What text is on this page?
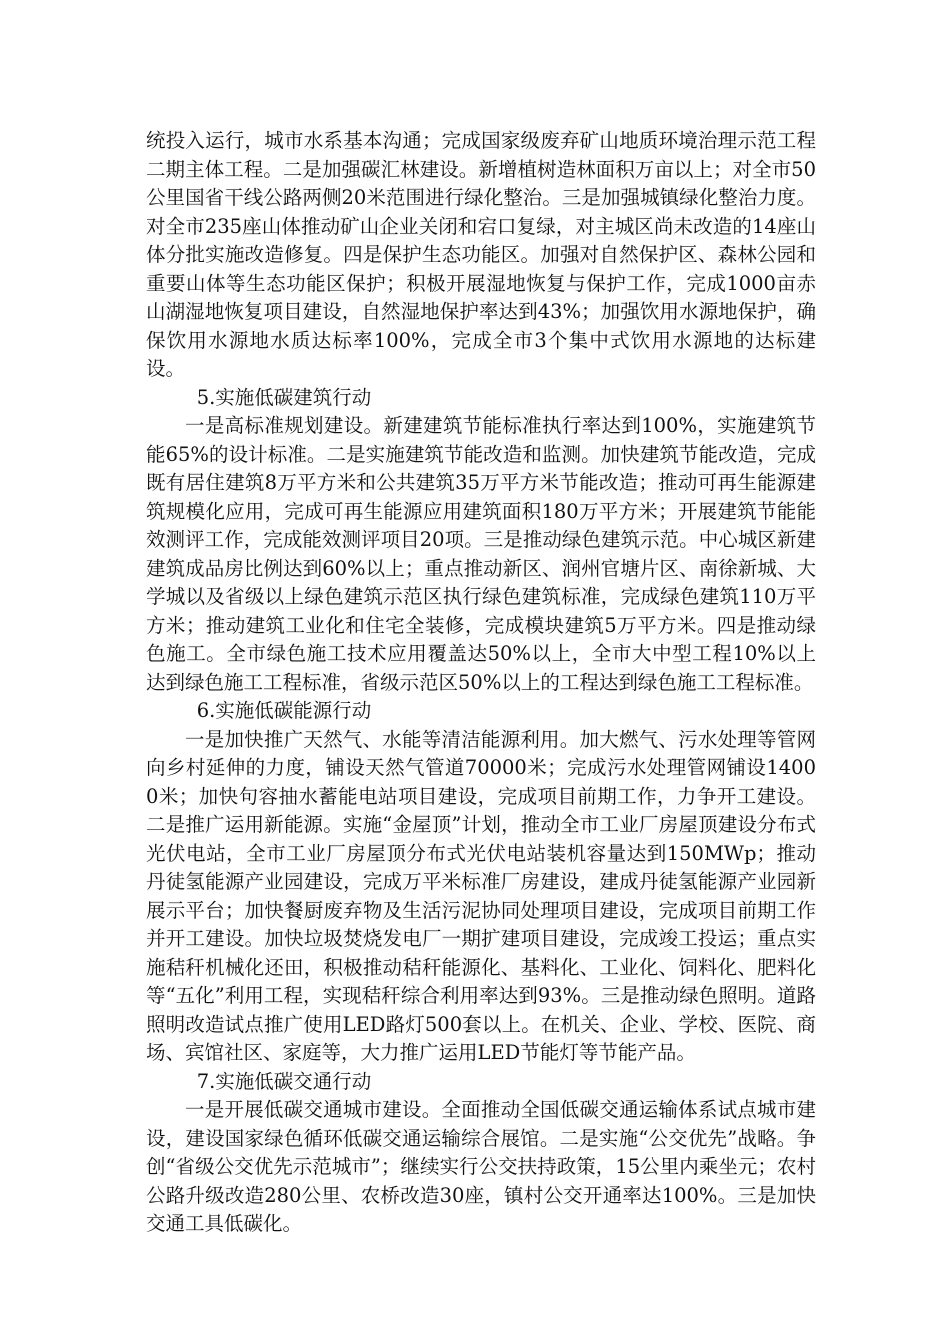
统投入运行，城市水系基本沟通；完成国家级废弃矿山地质环境治理示范工程二期主体工程。二是加强碳汇林建设。新增植树造林面积万亩以上；对全市50公里国省干线公路两侧20米范围进行绿化整治。三是加强城镇绿化整治力度。对全市235座山体推动矿山企业关闭和宕口复绿，对主城区尚未改造的14座山体分批实施改造修复。四是保护生态功能区。加强对自然保护区、森林公园和重要山体等生态功能区保护；积极开展湿地恢复与保护工作，完成1000亩赤山湖湿地恢复项目建设，自然湿地保护率达到43%；加强饮用水源地保护，确保饮用水源地水质达标率100%，完成全市3个集中式饮用水源地的达标建设。

5.实施低碳建筑行动

一是高标准规划建设。新建建筑节能标准执行率达到100%，实施建筑节能65%的设计标准。二是实施建筑节能改造和监测。加快建筑节能改造，完成既有居住建筑8万平方米和公共建筑35万平方米节能改造；推动可再生能源建筑规模化应用，完成可再生能源应用建筑面积180万平方米；开展建筑节能能效测评工作，完成能效测评项目20项。三是推动绿色建筑示范。中心城区新建建筑成品房比例达到60%以上；重点推动新区、润州官塘片区、南徐新城、大学城以及省级以上绿色建筑示范区执行绿色建筑标准，完成绿色建筑110万平方米；推动建筑工业化和住宅全装修，完成模块建筑5万平方米。四是推动绿色施工。全市绿色施工技术应用覆盖达50%以上，全市大中型工程10%以上达到绿色施工工程标准，省级示范区50%以上的工程达到绿色施工工程标准。

6.实施低碳能源行动

一是加快推广天然气、水能等清洁能源利用。加大燃气、污水处理等管网向乡村延伸的力度，铺设天然气管道70000米；完成污水处理管网铺设14000米；加快句容抽水蓄能电站项目建设，完成项目前期工作，力争开工建设。二是推广运用新能源。实施“金屋顶”计划，推动全市工业厂房屋顶建设分布式光伏电站，全市工业厂房屋顶分布式光伏电站装机容量达到150MWp；推动丹徒氢能源产业园建设，完成万平米标准厂房建设，建成丹徒氢能源产业园新展示平台；加快餐厨废弃物及生活污泥协同处理项目建设，完成项目前期工作并开工建设。加快垃圾焚烧发电厂一期扩建项目建设，完成竣工投运；重点实施秸秆机械化还田，积极推动秸秆能源化、基料化、工业化、饲料化、肥料化等“五化”利用工程，实现秸秆综合利用率达到93%。三是推动绿色照明。道路照明改造试点推广使用LED路灯500套以上。在机关、企业、学校、医院、商场、宾馆社区、家庭等，大力推广运用LED节能灯等节能产品。

7.实施低碳交通行动

一是开展低碳交通城市建设。全面推动全国低碳交通运输体系试点城市建设，建设国家绿色循环低碳交通运输综合展馆。二是实施“公交优先”战略。争创“省级公交优先示范城市”；继续实行公交扶持政策，15公里内乘坐元；农村公路升级改造280公里、农桥改造30座，镇村公交开通率达100%。三是加快交通工具低碳化。
